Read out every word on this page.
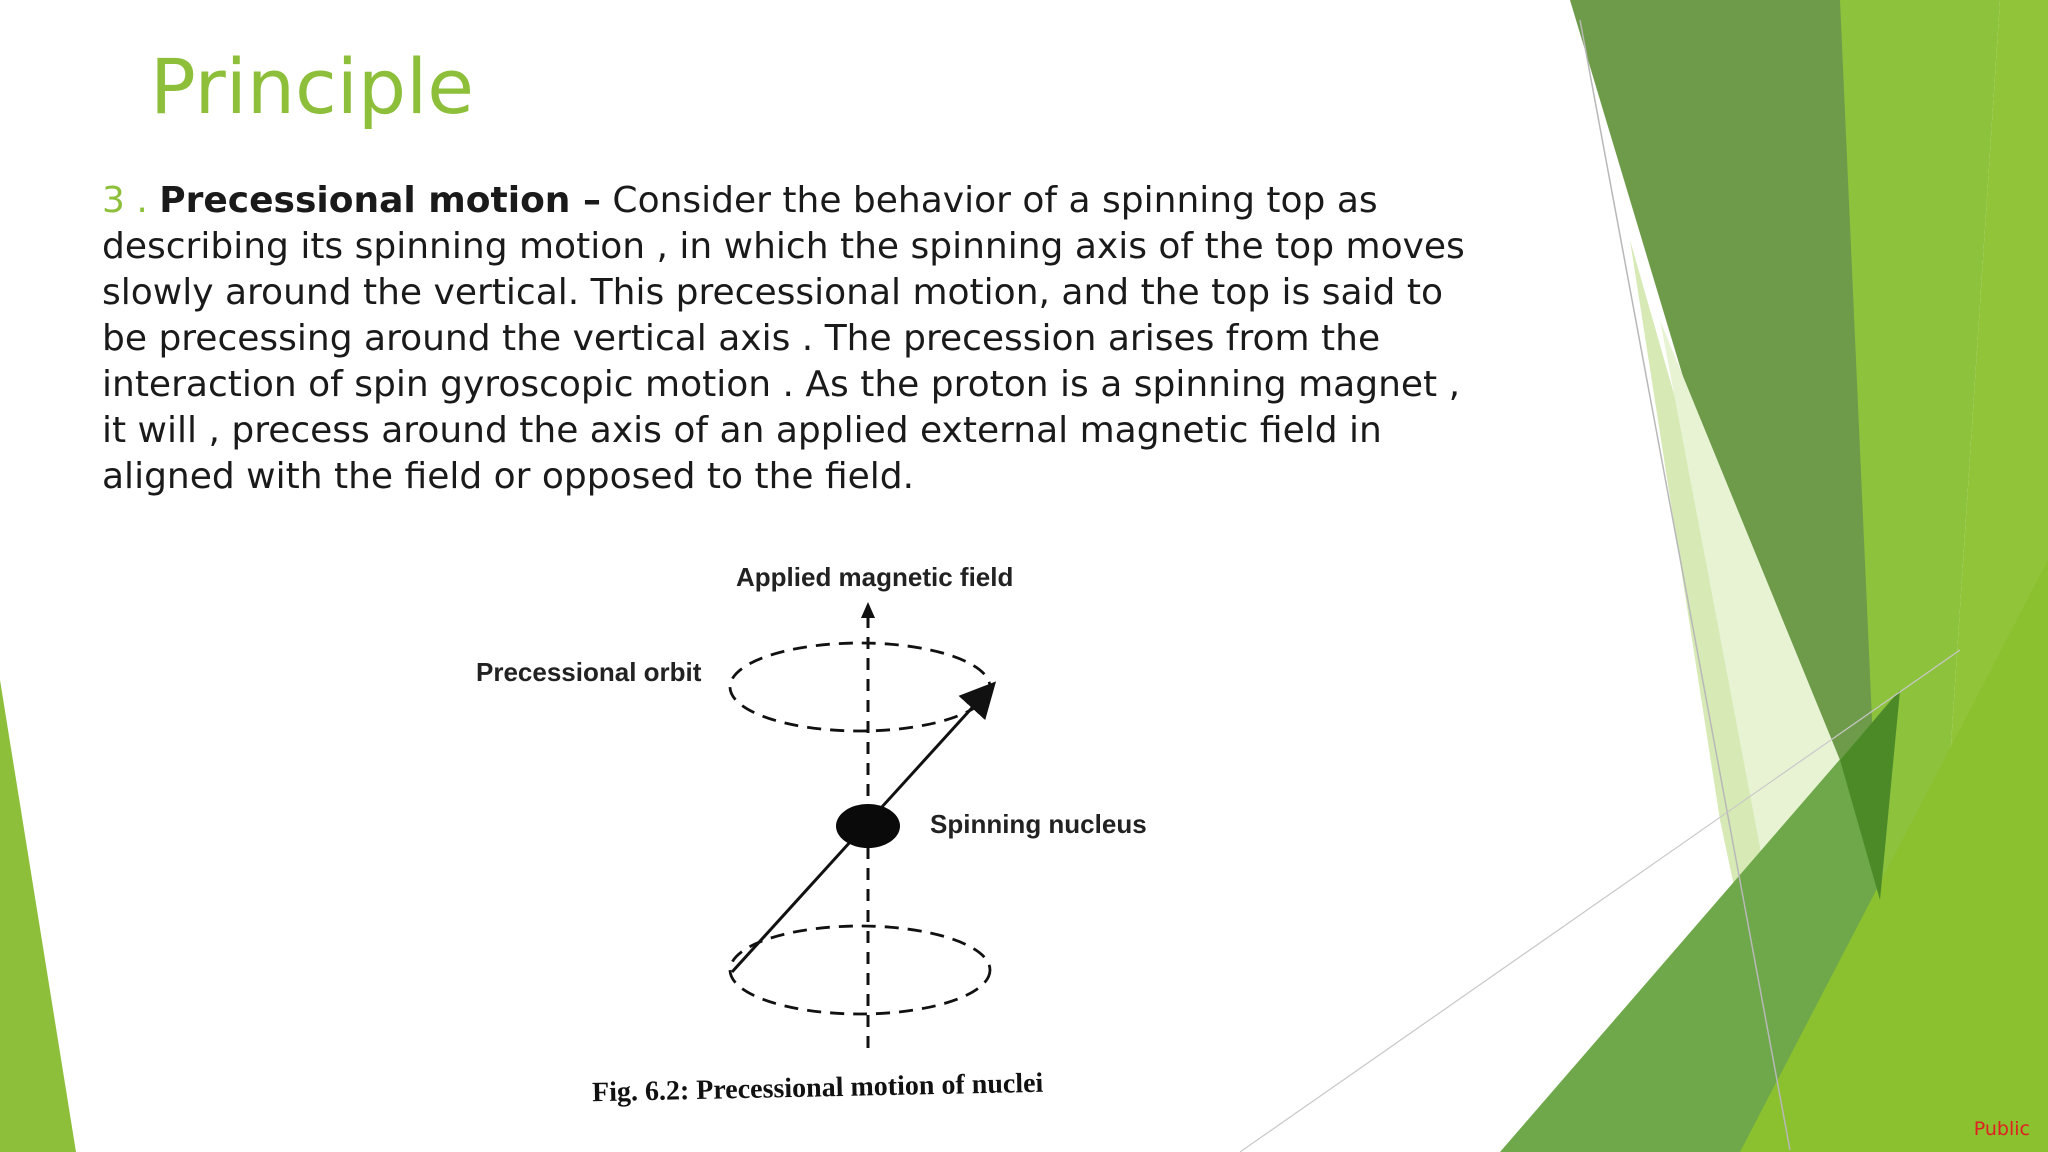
Principle

3 . Precessional motion – Consider the behavior of a spinning top as describing its spinning motion , in which the spinning axis of the top moves slowly around the vertical. This precessional motion, and the top is said to be precessing around the vertical axis . The precession arises from the interaction of spin gyroscopic motion . As the proton is a spinning magnet , it will , precess around the axis of an applied external magnetic field in aligned with the field or opposed to the field.

Applied magnetic field
Precessional orbit
Spinning nucleus
Fig. 6.2: Precessional motion of nuclei
Public
